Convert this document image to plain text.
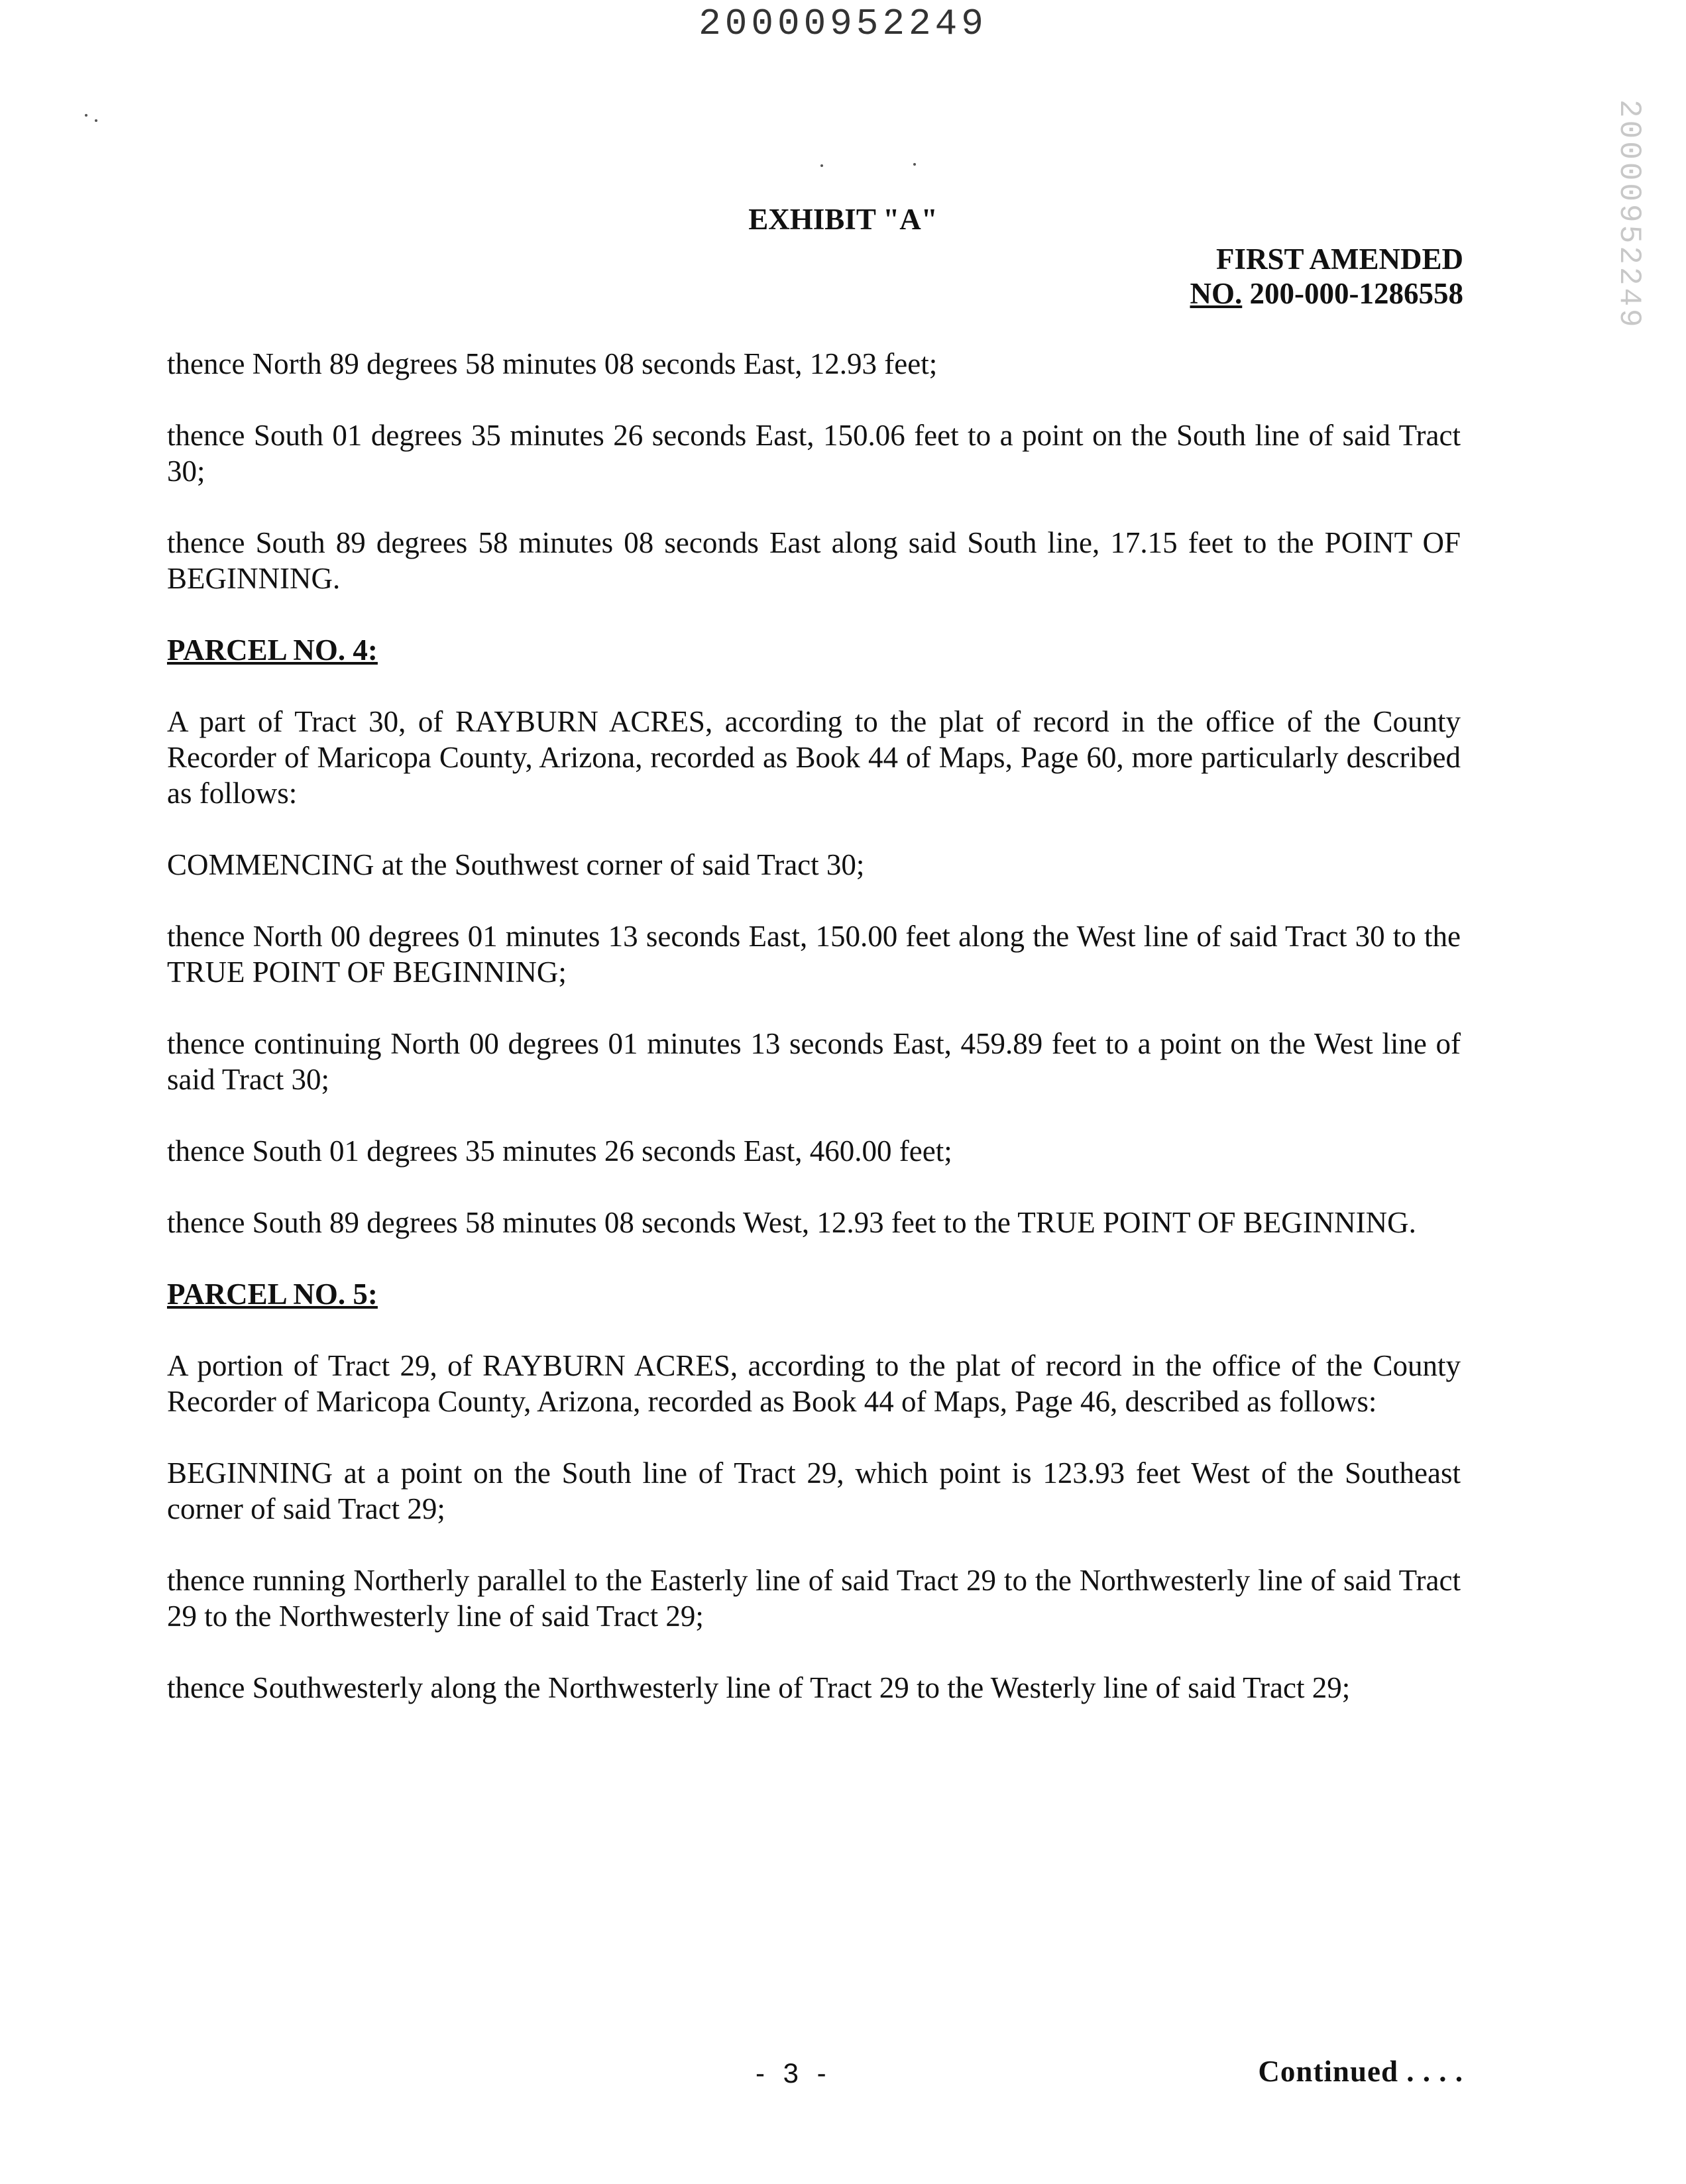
20000952249
20000952249
EXHIBIT "A"
FIRST AMENDED
NO. 200-000-1286558

thence North 89 degrees 58 minutes 08 seconds East, 12.93 feet;

thence South 01 degrees 35 minutes 26 seconds East, 150.06 feet to a point on the South line of said Tract 30;

thence South 89 degrees 58 minutes 08 seconds East along said South line, 17.15 feet to the POINT OF BEGINNING.

PARCEL NO. 4:

A part of Tract 30, of RAYBURN ACRES, according to the plat of record in the office of the County Recorder of Maricopa County, Arizona, recorded as Book 44 of Maps, Page 60, more particularly described as follows:

COMMENCING at the Southwest corner of said Tract 30;

thence North 00 degrees 01 minutes 13 seconds East, 150.00 feet along the West line of said Tract 30 to the TRUE POINT OF BEGINNING;

thence continuing North 00 degrees 01 minutes 13 seconds East, 459.89 feet to a point on the West line of said Tract 30;

thence South 01 degrees 35 minutes 26 seconds East, 460.00 feet;

thence South 89 degrees 58 minutes 08 seconds West, 12.93 feet to the TRUE POINT OF BEGINNING.

PARCEL NO. 5:

A portion of Tract 29, of RAYBURN ACRES, according to the plat of record in the office of the County Recorder of Maricopa County, Arizona, recorded as Book 44 of Maps, Page 46, described as follows:

BEGINNING at a point on the South line of Tract 29, which point is 123.93 feet West of the Southeast corner of said Tract 29;

thence running Northerly parallel to the Easterly line of said Tract 29 to the Northwesterly line of said Tract 29 to the Northwesterly line of said Tract 29;

thence Southwesterly along the Northwesterly line of Tract 29 to the Westerly line of said Tract 29;

- 3 -	Continued . . . .
